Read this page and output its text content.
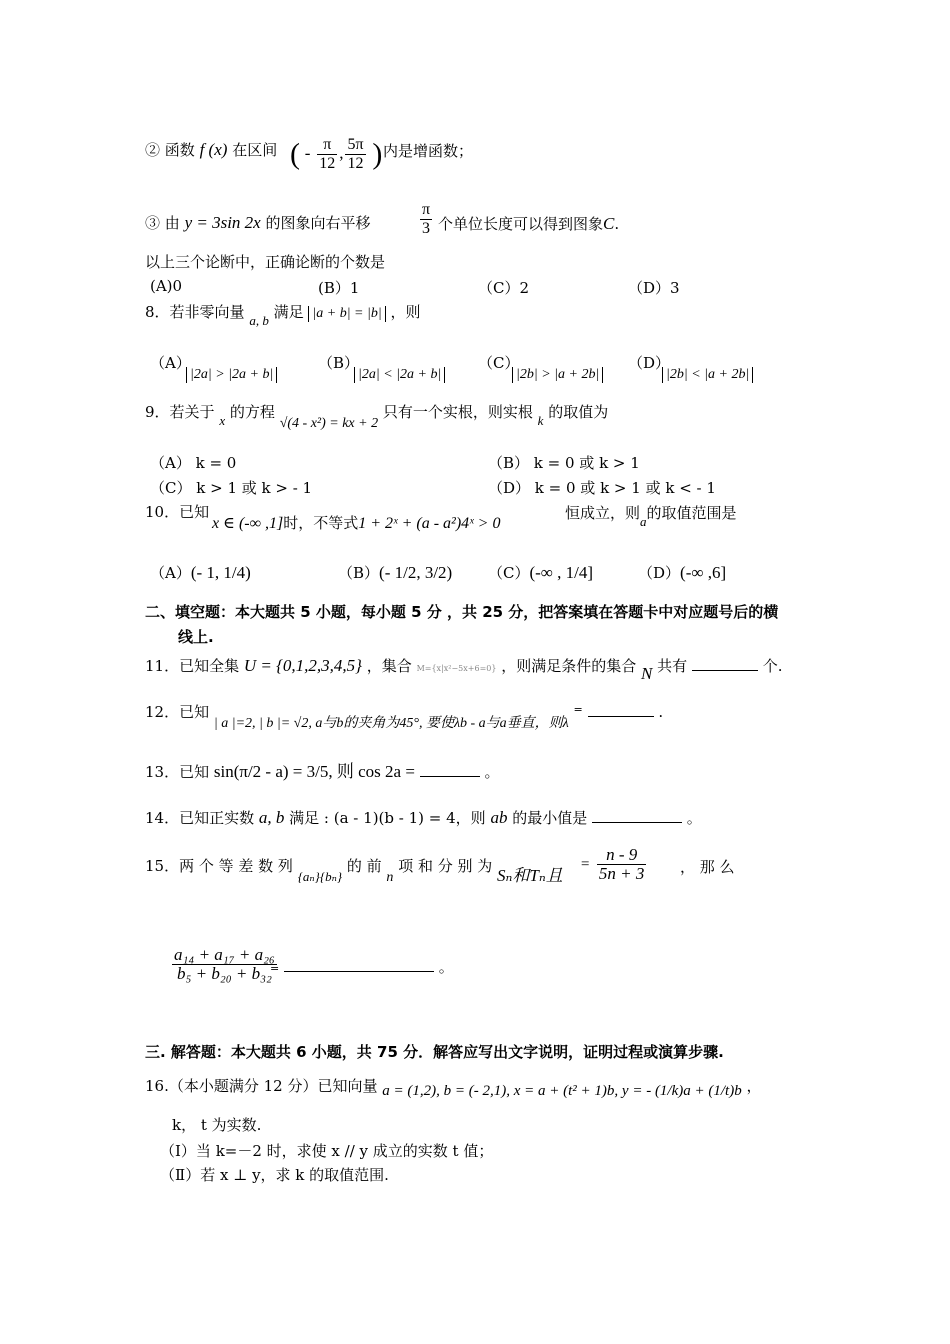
② 函数 f (x) 在区间 ( - $\frac{\pi}{12}$ , $\frac{5\pi}{12}$ ) 内是增函数；
③ 由 y = 3sin 2x 的图象向右平移	$\frac{\pi}{3}$ 个单位长度可以得到图象C.
以上三个论断中，正确论断的个数是
(A)0	(B）1	（C）2	（D）3
8．若非零向量 a, b 满足 |a + b| = |b| ，则
（A）
|2a| > |2a + b|
（B）
|2a| < |2a + b|
（C）
|2b| > |a + 2b|
（D）
|2b| < |a + 2b|
9．若关于 x 的方程 √(4 - x²) = kx + 2 只有一个实根，则实根 k 的取值为
（A） k = 0	（B） k = 0 或 k > 1
（C） k > 1 或 k > - 1	（D） k = 0 或 k > 1 或 k < - 1
10．已知
x ∈ (-∞ ,1]时，不等式1 + 2ˣ + (a - a²)4ˣ > 0
恒成立，则a的取值范围是
（A）(- 1, 1/4)	（B）(- 1/2, 3/2) （C）(-∞ , 1/4]	（D）(-∞ ,6]
二、填空题：本大题共 5 小题，每小题 5 分 ，共 25 分，把答案填在答题卡中对应题号后的横
线上.
11．已知全集 U = {0,1,2,3,4,5} ，集合 M={x|x²−5x+6=0} ，则满足条件的集合 N 共有	个.
12．已知 | a |=2, | b |= √2, a与b的夹角为45°, 要使λb - a与a垂直，则λ =	.
13．已知 sin(π/2 - a) = 3/5, 则 cos 2a =	。
14．已知正实数 a, b 满足 : (a - 1)(b - 1) = 4，则 ab 的最小值是	。
15．两 个 等 差 数 列 {aₙ}{bₙ} 的 前 n 项 和 分 别 为 Sₙ和Tₙ且
= $\frac{n - 9}{5n + 3}$ ， 那 么
$\frac{\text{a₁₄ + a₁₇ + a₂₆}}{\text{b₅ + b₂₀ + b₃₂}}$
=	。
三. 解答题：本大题共 6 小题，共 75 分．解答应写出文字说明，证明过程或演算步骤.
16.（本小题满分 12 分）已知向量 a = (1,2), b = (- 2,1), x = a + (t² + 1)b, y = - (1/k)a + (1/t)b ，
k， t 为实数.
（Ⅰ）当 k=－2 时，求使 x // y 成立的实数 t 值；
（Ⅱ）若 x ⊥ y，求 k 的取值范围.
